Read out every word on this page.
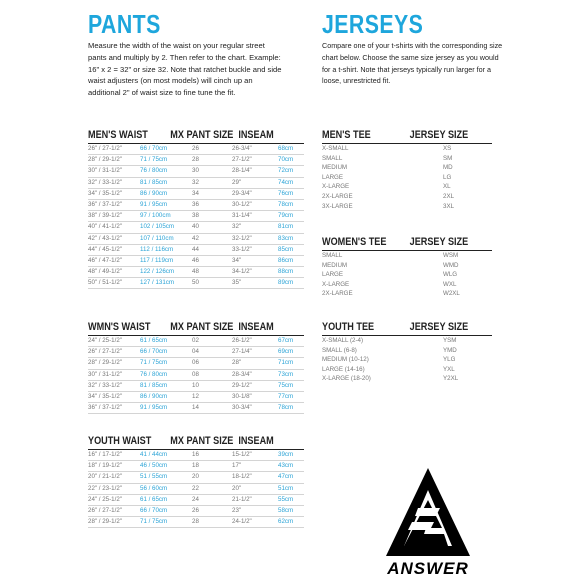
PANTS
Measure the width of the waist on your regular street pants and multiply by 2. Then refer to the chart. Example: 16" x 2 = 32" or size 32. Note that ratchet buckle and side waist adjusters (on most models) will cinch up an additional 2" of waist size to fine tune the fit.
JERSEYS
Compare one of your t-shirts with the corresponding size chart below. Choose the same size jersey as you would for a t-shirt. Note that jerseys typically run larger for a loose, unrestricted fit.
MEN'S WAIST	MX PANT SIZE INSEAM
26" / 27-1/2"	66 / 70cm	26	26-3/4"	68cm
28" / 29-1/2"	71 / 75cm	28	27-1/2"	70cm
30" / 31-1/2"	76 / 80cm	30	28-1/4"	72cm
32" / 33-1/2"	81 / 85cm	32	29"	74cm
34" / 35-1/2"	86 / 90cm	34	29-3/4"	76cm
36" / 37-1/2"	91 / 95cm	36	30-1/2"	78cm
38" / 39-1/2"	97 / 100cm	38	31-1/4"	79cm
40" / 41-1/2"	102 / 105cm	40	32"	81cm
42" / 43-1/2"	107 / 110cm	42	32-1/2"	83cm
44" / 45-1/2"	112 / 116cm	44	33-1/2"	85cm
46" / 47-1/2"	117 / 119cm	46	34"	86cm
48" / 49-1/2"	122 / 126cm	48	34-1/2"	88cm
50" / 51-1/2"	127 / 131cm	50	35"	89cm
WMN'S WAIST	MX PANT SIZE INSEAM
24" / 25-1/2"	61 / 65cm	02	26-1/2"	67cm
26" / 27-1/2"	66 / 70cm	04	27-1/4"	69cm
28" / 29-1/2"	71 / 75cm	06	28"	71cm
30" / 31-1/2"	76 / 80cm	08	28-3/4"	73cm
32" / 33-1/2"	81 / 85cm	10	29-1/2"	75cm
34" / 35-1/2"	86 / 90cm	12	30-1/8"	77cm
36" / 37-1/2"	91 / 95cm	14	30-3/4"	78cm
YOUTH WAIST	MX PANT SIZE INSEAM
16" / 17-1/2"	41 / 44cm	16	15-1/2"	39cm
18" / 19-1/2"	46 / 50cm	18	17"	43cm
20" / 21-1/2"	51 / 55cm	20	18-1/2"	47cm
22" / 23-1/2"	56 / 60cm	22	20"	51cm
24" / 25-1/2"	61 / 65cm	24	21-1/2"	55cm
26" / 27-1/2"	66 / 70cm	26	23"	58cm
28" / 29-1/2"	71 / 75cm	28	24-1/2"	62cm
MEN'S TEE	JERSEY SIZE
X-SMALL	XS
SMALL	SM
MEDIUM	MD
LARGE	LG
X-LARGE	XL
2X-LARGE	2XL
3X-LARGE	3XL
WOMEN'S TEE	JERSEY SIZE
SMALL	WSM
MEDIUM	WMD
LARGE	WLG
X-LARGE	WXL
2X-LARGE	W2XL
YOUTH TEE	JERSEY SIZE
X-SMALL (2-4)	YSM
SMALL (6-8)	YMD
MEDIUM (10-12)	YLG
LARGE (14-16)	YXL
X-LARGE (18-20)	Y2XL
ANSWER
